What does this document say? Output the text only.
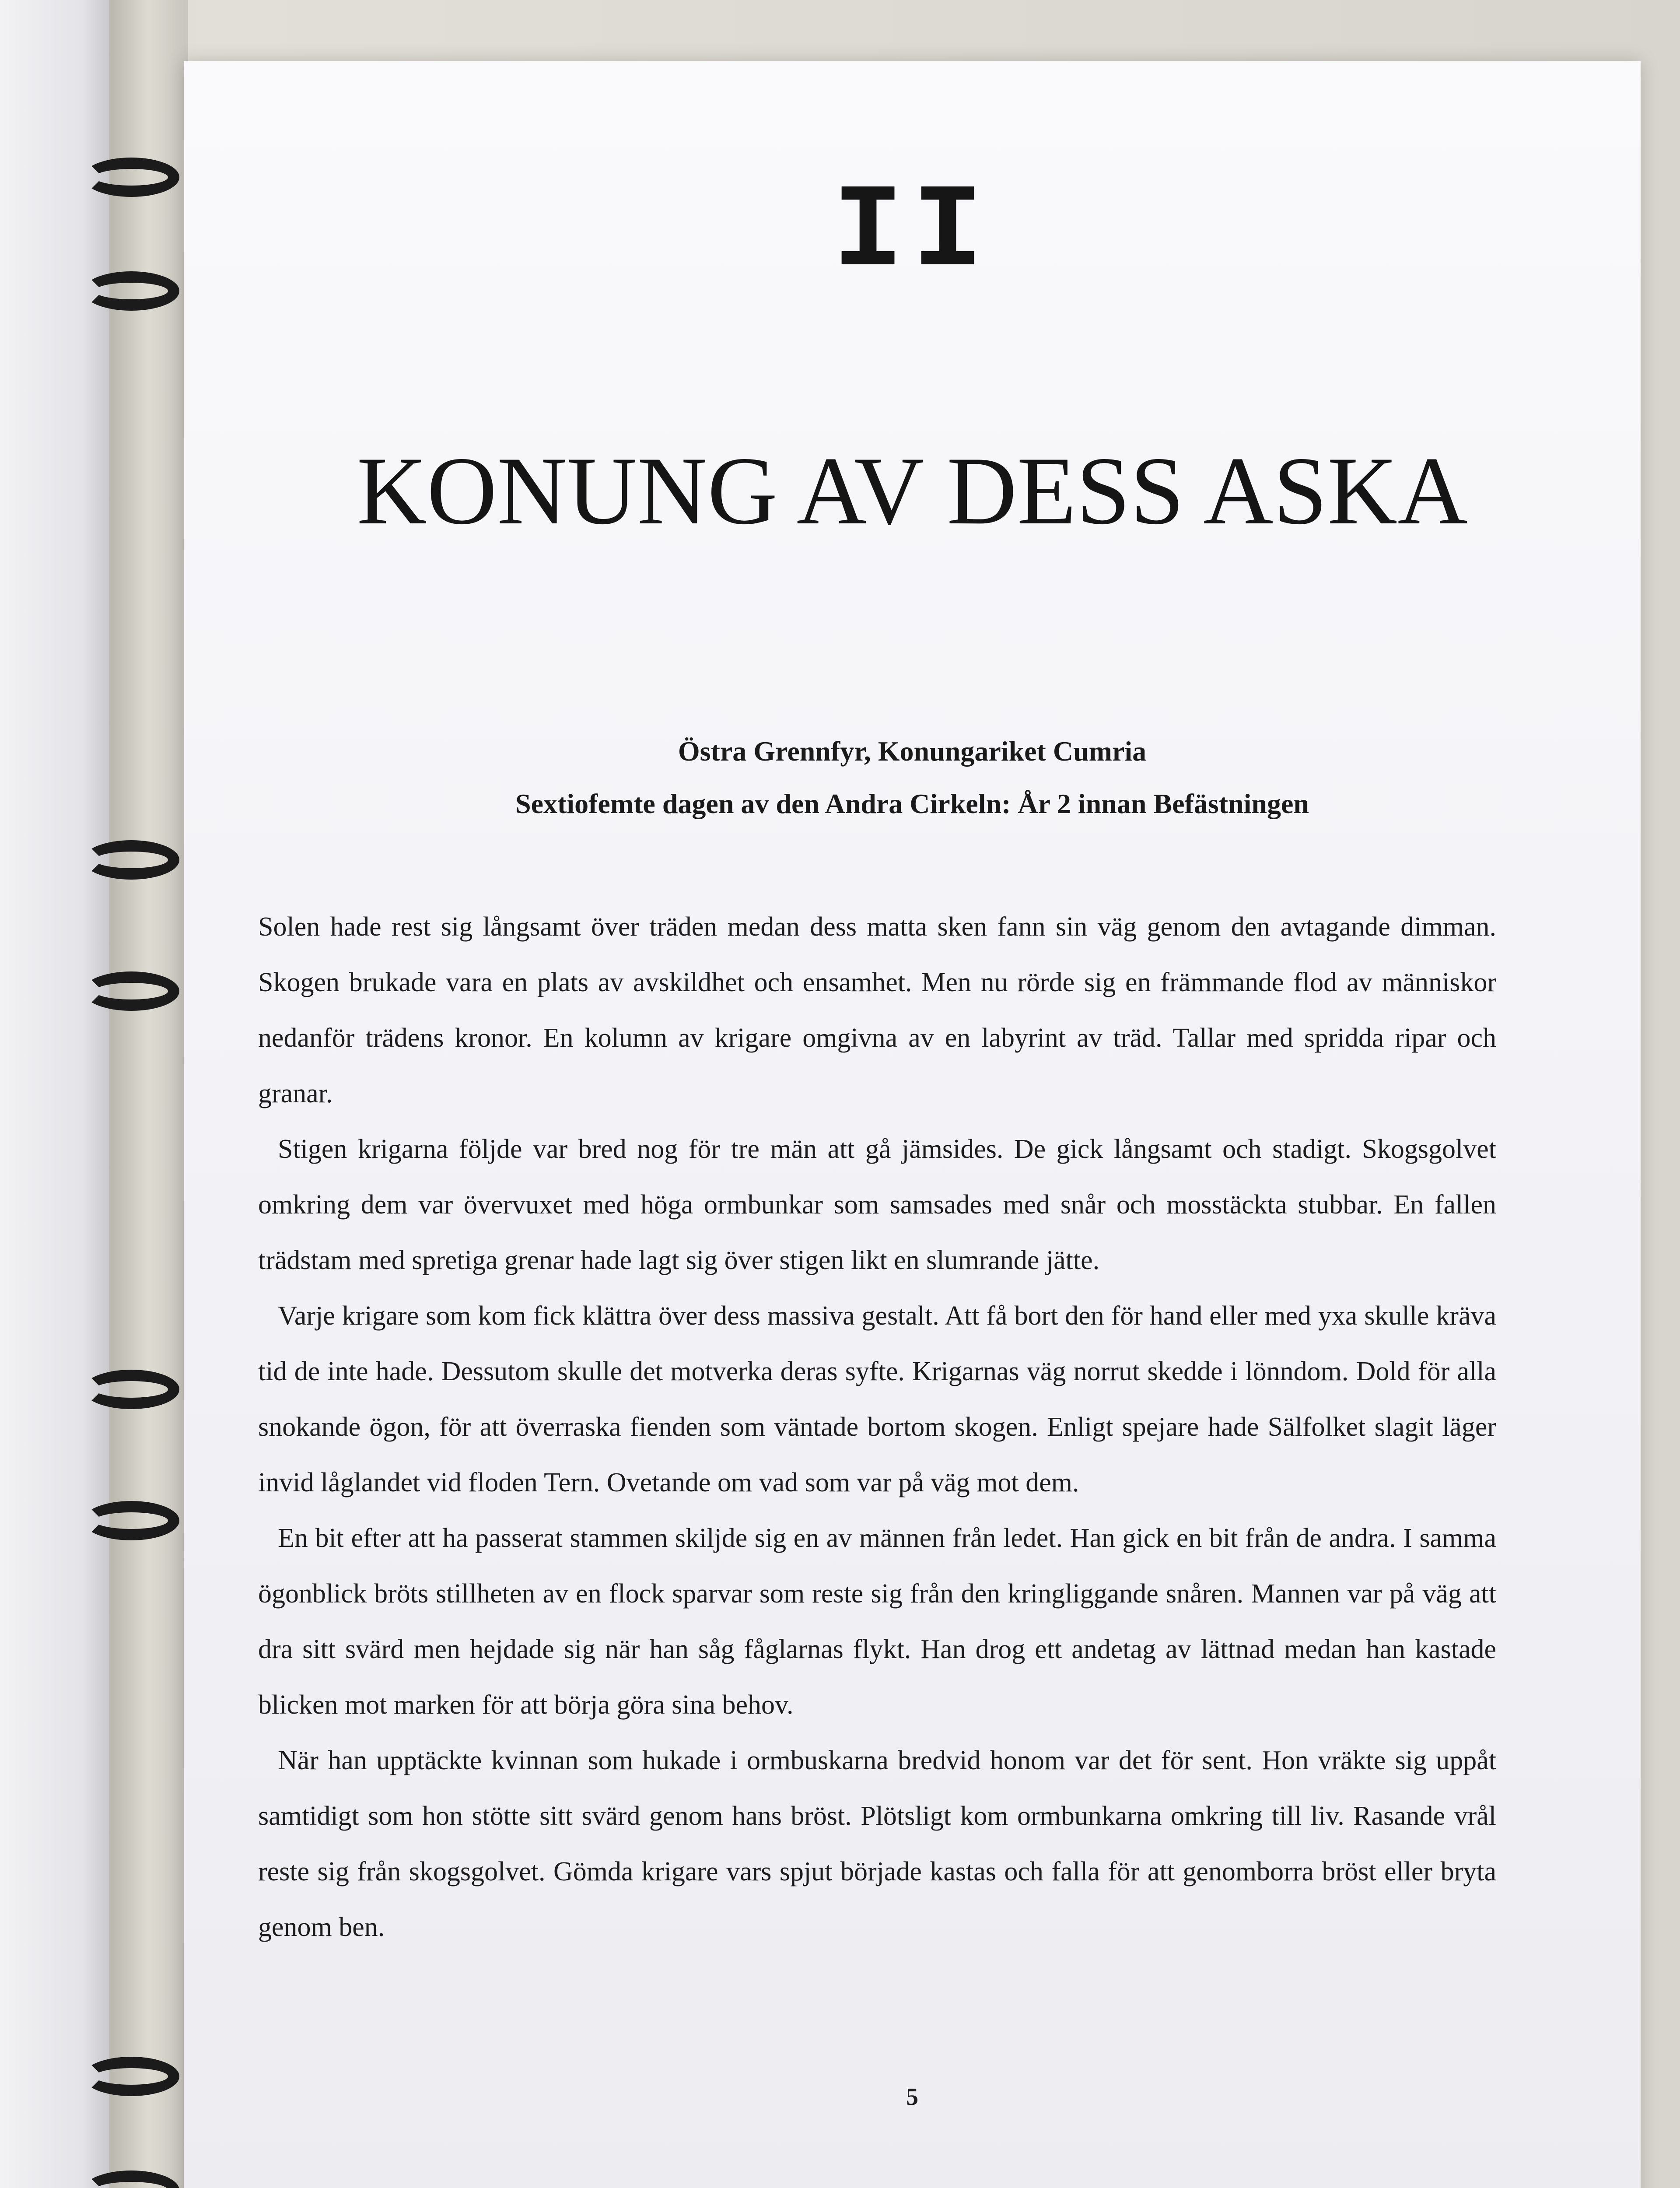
II
KONUNG AV DESS ASKA

Östra Grennfyr, Konungariket Cumria

Sextiofemte dagen av den Andra Cirkeln: År 2 innan Befästningen

Solen hade rest sig långsamt över träden medan dess matta sken fann sin väg genom den avtagande dimman. Skogen brukade vara en plats av avskildhet och ensamhet. Men nu rörde sig en främmande flod av människor nedanför trädens kronor. En kolumn av krigare omgivna av en labyrint av träd. Tallar med spridda ripar och granar.

Stigen krigarna följde var bred nog för tre män att gå jämsides. De gick långsamt och stadigt. Skogsgolvet omkring dem var övervuxet med höga ormbunkar som samsades med snår och mosstäckta stubbar. En fallen trädstam med spretiga grenar hade lagt sig över stigen likt en slumrande jätte.

Varje krigare som kom fick klättra över dess massiva gestalt. Att få bort den för hand eller med yxa skulle kräva tid de inte hade. Dessutom skulle det motverka deras syfte. Krigarnas väg norrut skedde i lönndom. Dold för alla snokande ögon, för att överraska fienden som väntade bortom skogen. Enligt spejare hade Sälfolket slagit läger invid låglandet vid floden Tern. Ovetande om vad som var på väg mot dem.

En bit efter att ha passerat stammen skiljde sig en av männen från ledet. Han gick en bit från de andra. I samma ögonblick bröts stillheten av en flock sparvar som reste sig från den kringliggande snåren. Mannen var på väg att dra sitt svärd men hejdade sig när han såg fåglarnas flykt. Han drog ett andetag av lättnad medan han kastade blicken mot marken för att börja göra sina behov.

När han upptäckte kvinnan som hukade i ormbuskarna bredvid honom var det för sent. Hon vräkte sig uppåt samtidigt som hon stötte sitt svärd genom hans bröst. Plötsligt kom ormbunkarna omkring till liv. Rasande vrål reste sig från skogsgolvet. Gömda krigare vars spjut började kastas och falla för att genomborra bröst eller bryta genom ben.

5
